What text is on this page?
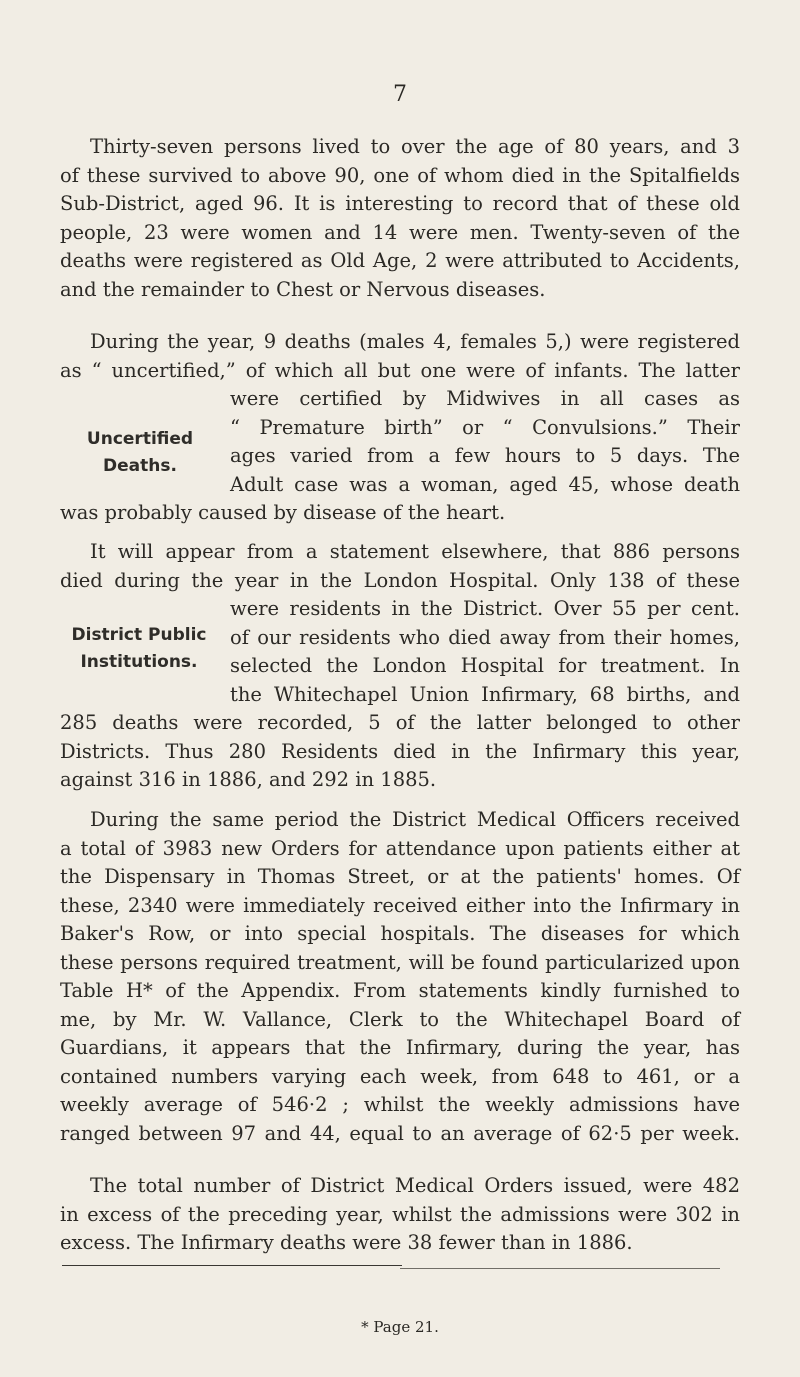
7
Thirty-seven persons lived to over the age of 80 years, and 3
of these survived to above 90, one of whom died in the Spitalfields
Sub-District, aged 96. It is interesting to record that of these old
people, 23 were women and 14 were men. Twenty-seven of the
deaths were registered as Old Age, 2 were attributed to Accidents,
and the remainder to Chest or Nervous diseases.
During the year, 9 deaths (males 4, females 5,) were registered
as “ uncertified,” of which all but one were of infants. The latter
were certified by Midwives in all cases as
“ Premature birth” or “ Convulsions.” Their
ages varied from a few hours to 5 days. The
Adult case was a woman, aged 45, whose death
was probably caused by disease of the heart.
Uncertified
Deaths.
It will appear from a statement elsewhere, that 886 persons
died during the year in the London Hospital. Only 138 of these
were residents in the District. Over 55 per cent.
of our residents who died away from their homes,
selected the London Hospital for treatment. In
the Whitechapel Union Infirmary, 68 births, and
285 deaths were recorded, 5 of the latter belonged to other
Districts. Thus 280 Residents died in the Infirmary this year,
against 316 in 1886, and 292 in 1885.
District Public
Institutions.
During the same period the District Medical Officers received
a total of 3983 new Orders for attendance upon patients either at
the Dispensary in Thomas Street, or at the patients' homes. Of
these, 2340 were immediately received either into the Infirmary in
Baker's Row, or into special hospitals. The diseases for which
these persons required treatment, will be found particularized upon
Table H* of the Appendix. From statements kindly furnished to
me, by Mr. W. Vallance, Clerk to the Whitechapel Board of
Guardians, it appears that the Infirmary, during the year, has
contained numbers varying each week, from 648 to 461, or a
weekly average of 546·2 ; whilst the weekly admissions have
ranged between 97 and 44, equal to an average of 62·5 per week.
The total number of District Medical Orders issued, were 482
in excess of the preceding year, whilst the admissions were 302 in
excess. The Infirmary deaths were 38 fewer than in 1886.
* Page 21.
